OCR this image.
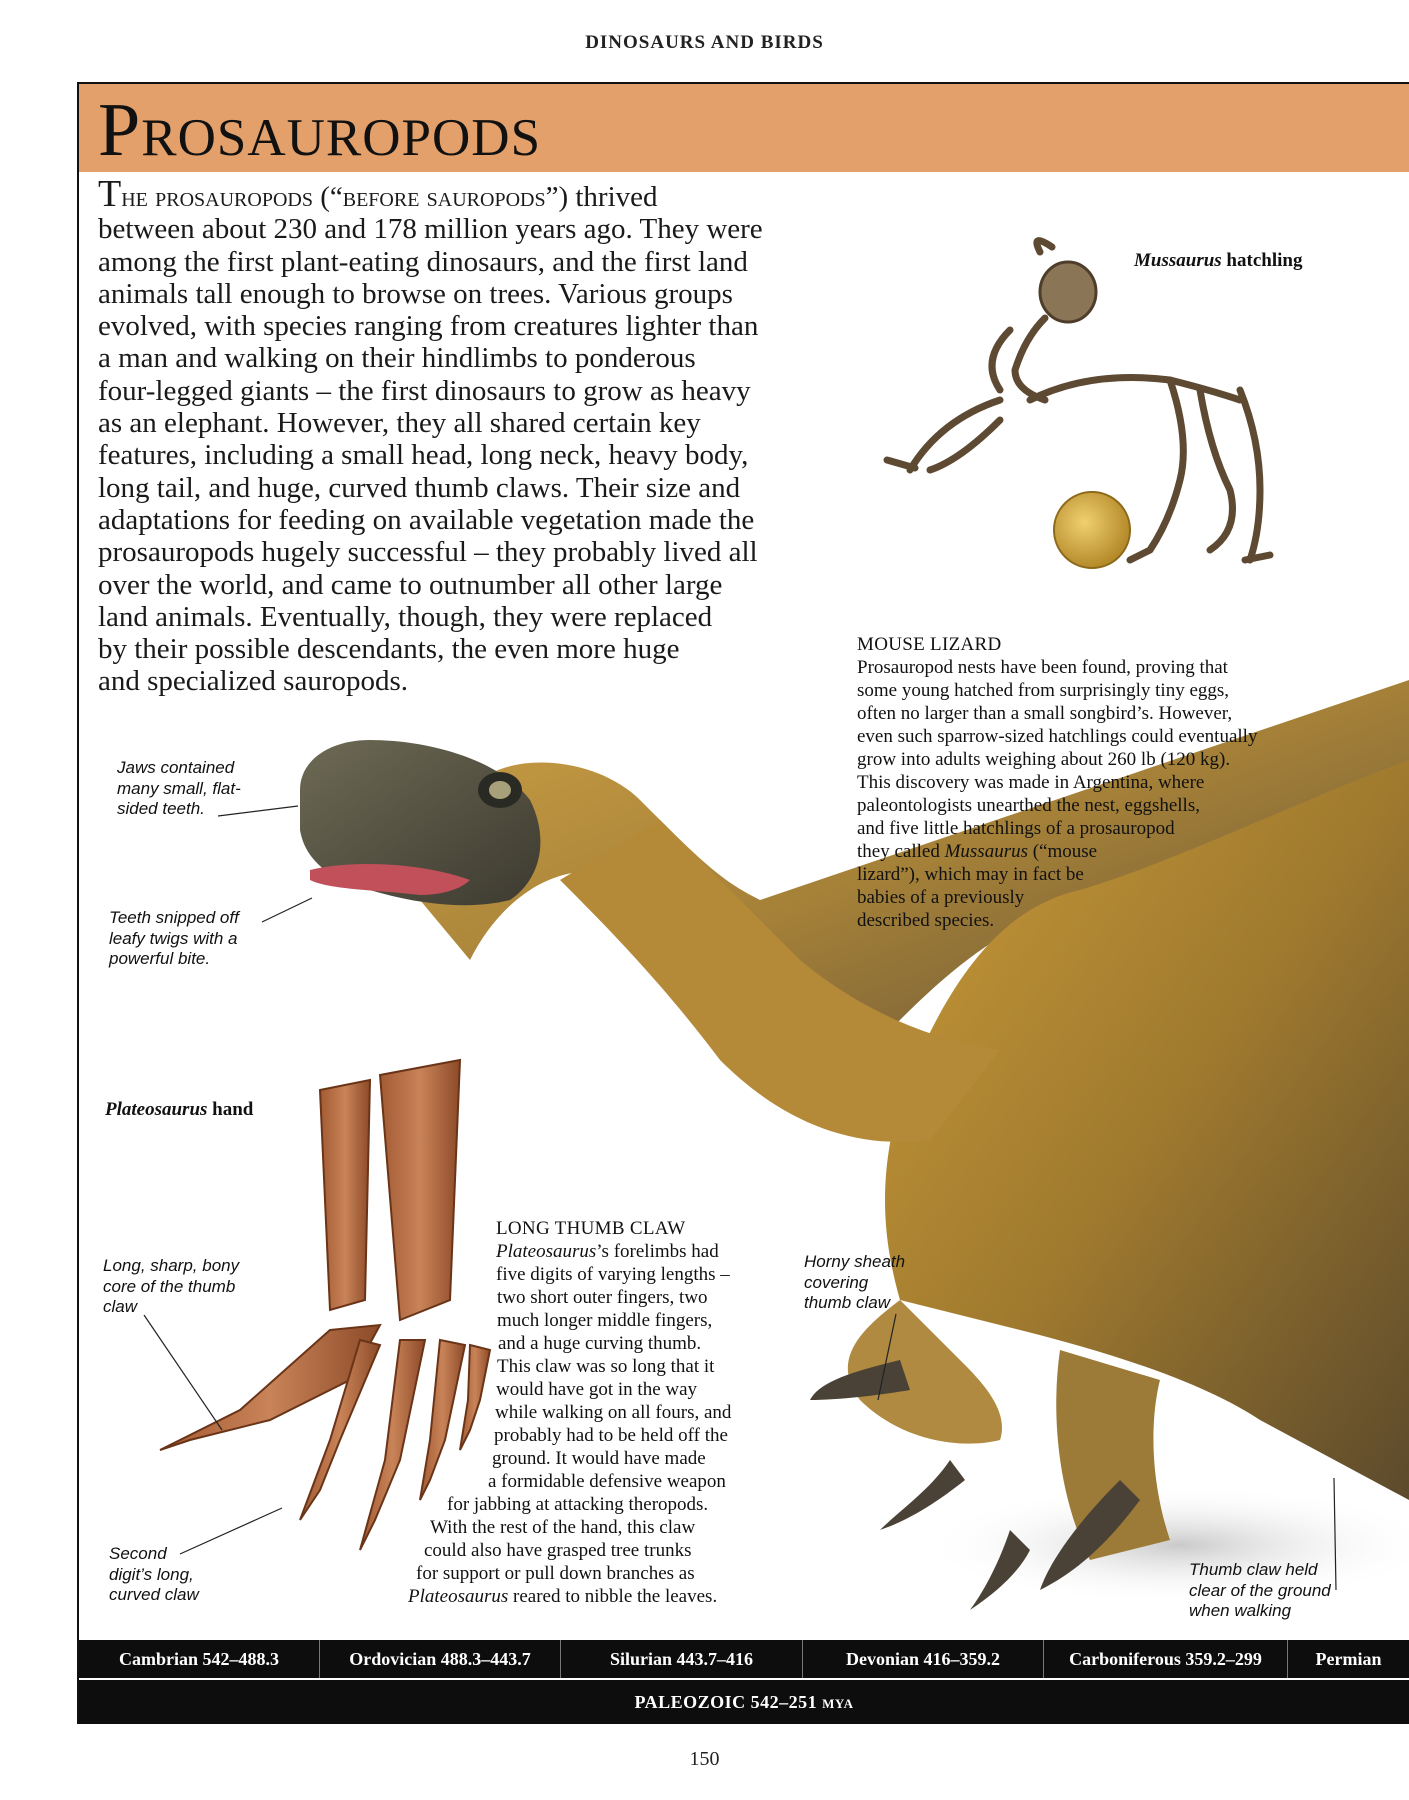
DINOSAURS AND BIRDS
Prosauropods
The prosauropods (“before sauropods”) thrived
between about 230 and 178 million years ago. They were
among the first plant-eating dinosaurs, and the first land
animals tall enough to browse on trees. Various groups
evolved, with species ranging from creatures lighter than
a man and walking on their hindlimbs to ponderous
four-legged giants – the first dinosaurs to grow as heavy
as an elephant. However, they all shared certain key
features, including a small head, long neck, heavy body,
long tail, and huge, curved thumb claws. Their size and
adaptations for feeding on available vegetation made the
prosauropods hugely successful – they probably lived all
over the world, and came to outnumber all other large
land animals. Eventually, though, they were replaced
by their possible descendants, the even more huge
and specialized sauropods.
Mussaurus hatchling
MOUSE LIZARD
Prosauropod nests have been found, proving that
some young hatched from surprisingly tiny eggs,
often no larger than a small songbird’s. However,
even such sparrow-sized hatchlings could eventually
grow into adults weighing about 260 lb (120 kg).
This discovery was made in Argentina, where
paleontologists unearthed the nest, eggshells,
and five little hatchlings of a prosauropod
they called Mussaurus (“mouse
lizard”), which may in fact be
babies of a previously
described species.
Jaws contained
many small, flat-
sided teeth.
Teeth snipped off
leafy twigs with a
powerful bite.
Plateosaurus hand
Long, sharp, bony
core of the thumb
claw
Second
digit’s long,
curved claw
Horny sheath
covering
thumb claw
Thumb claw held
clear of the ground
when walking
LONG THUMB CLAW
Plateosaurus’s forelimbs had
five digits of varying lengths –
two short outer fingers, two
much longer middle fingers,
and a huge curving thumb.
This claw was so long that it
would have got in the way
while walking on all fours, and
probably had to be held off the
ground. It would have made
a formidable defensive weapon
for jabbing at attacking theropods.
With the rest of the hand, this claw
could also have grasped tree trunks
for support or pull down branches as
Plateosaurus reared to nibble the leaves.
Cambrian 542–488.3	Ordovician 488.3–443.7	Silurian 443.7–416	Devonian 416–359.2	Carboniferous 359.2–299	Permian
PALEOZOIC 542–251 MYA
150
